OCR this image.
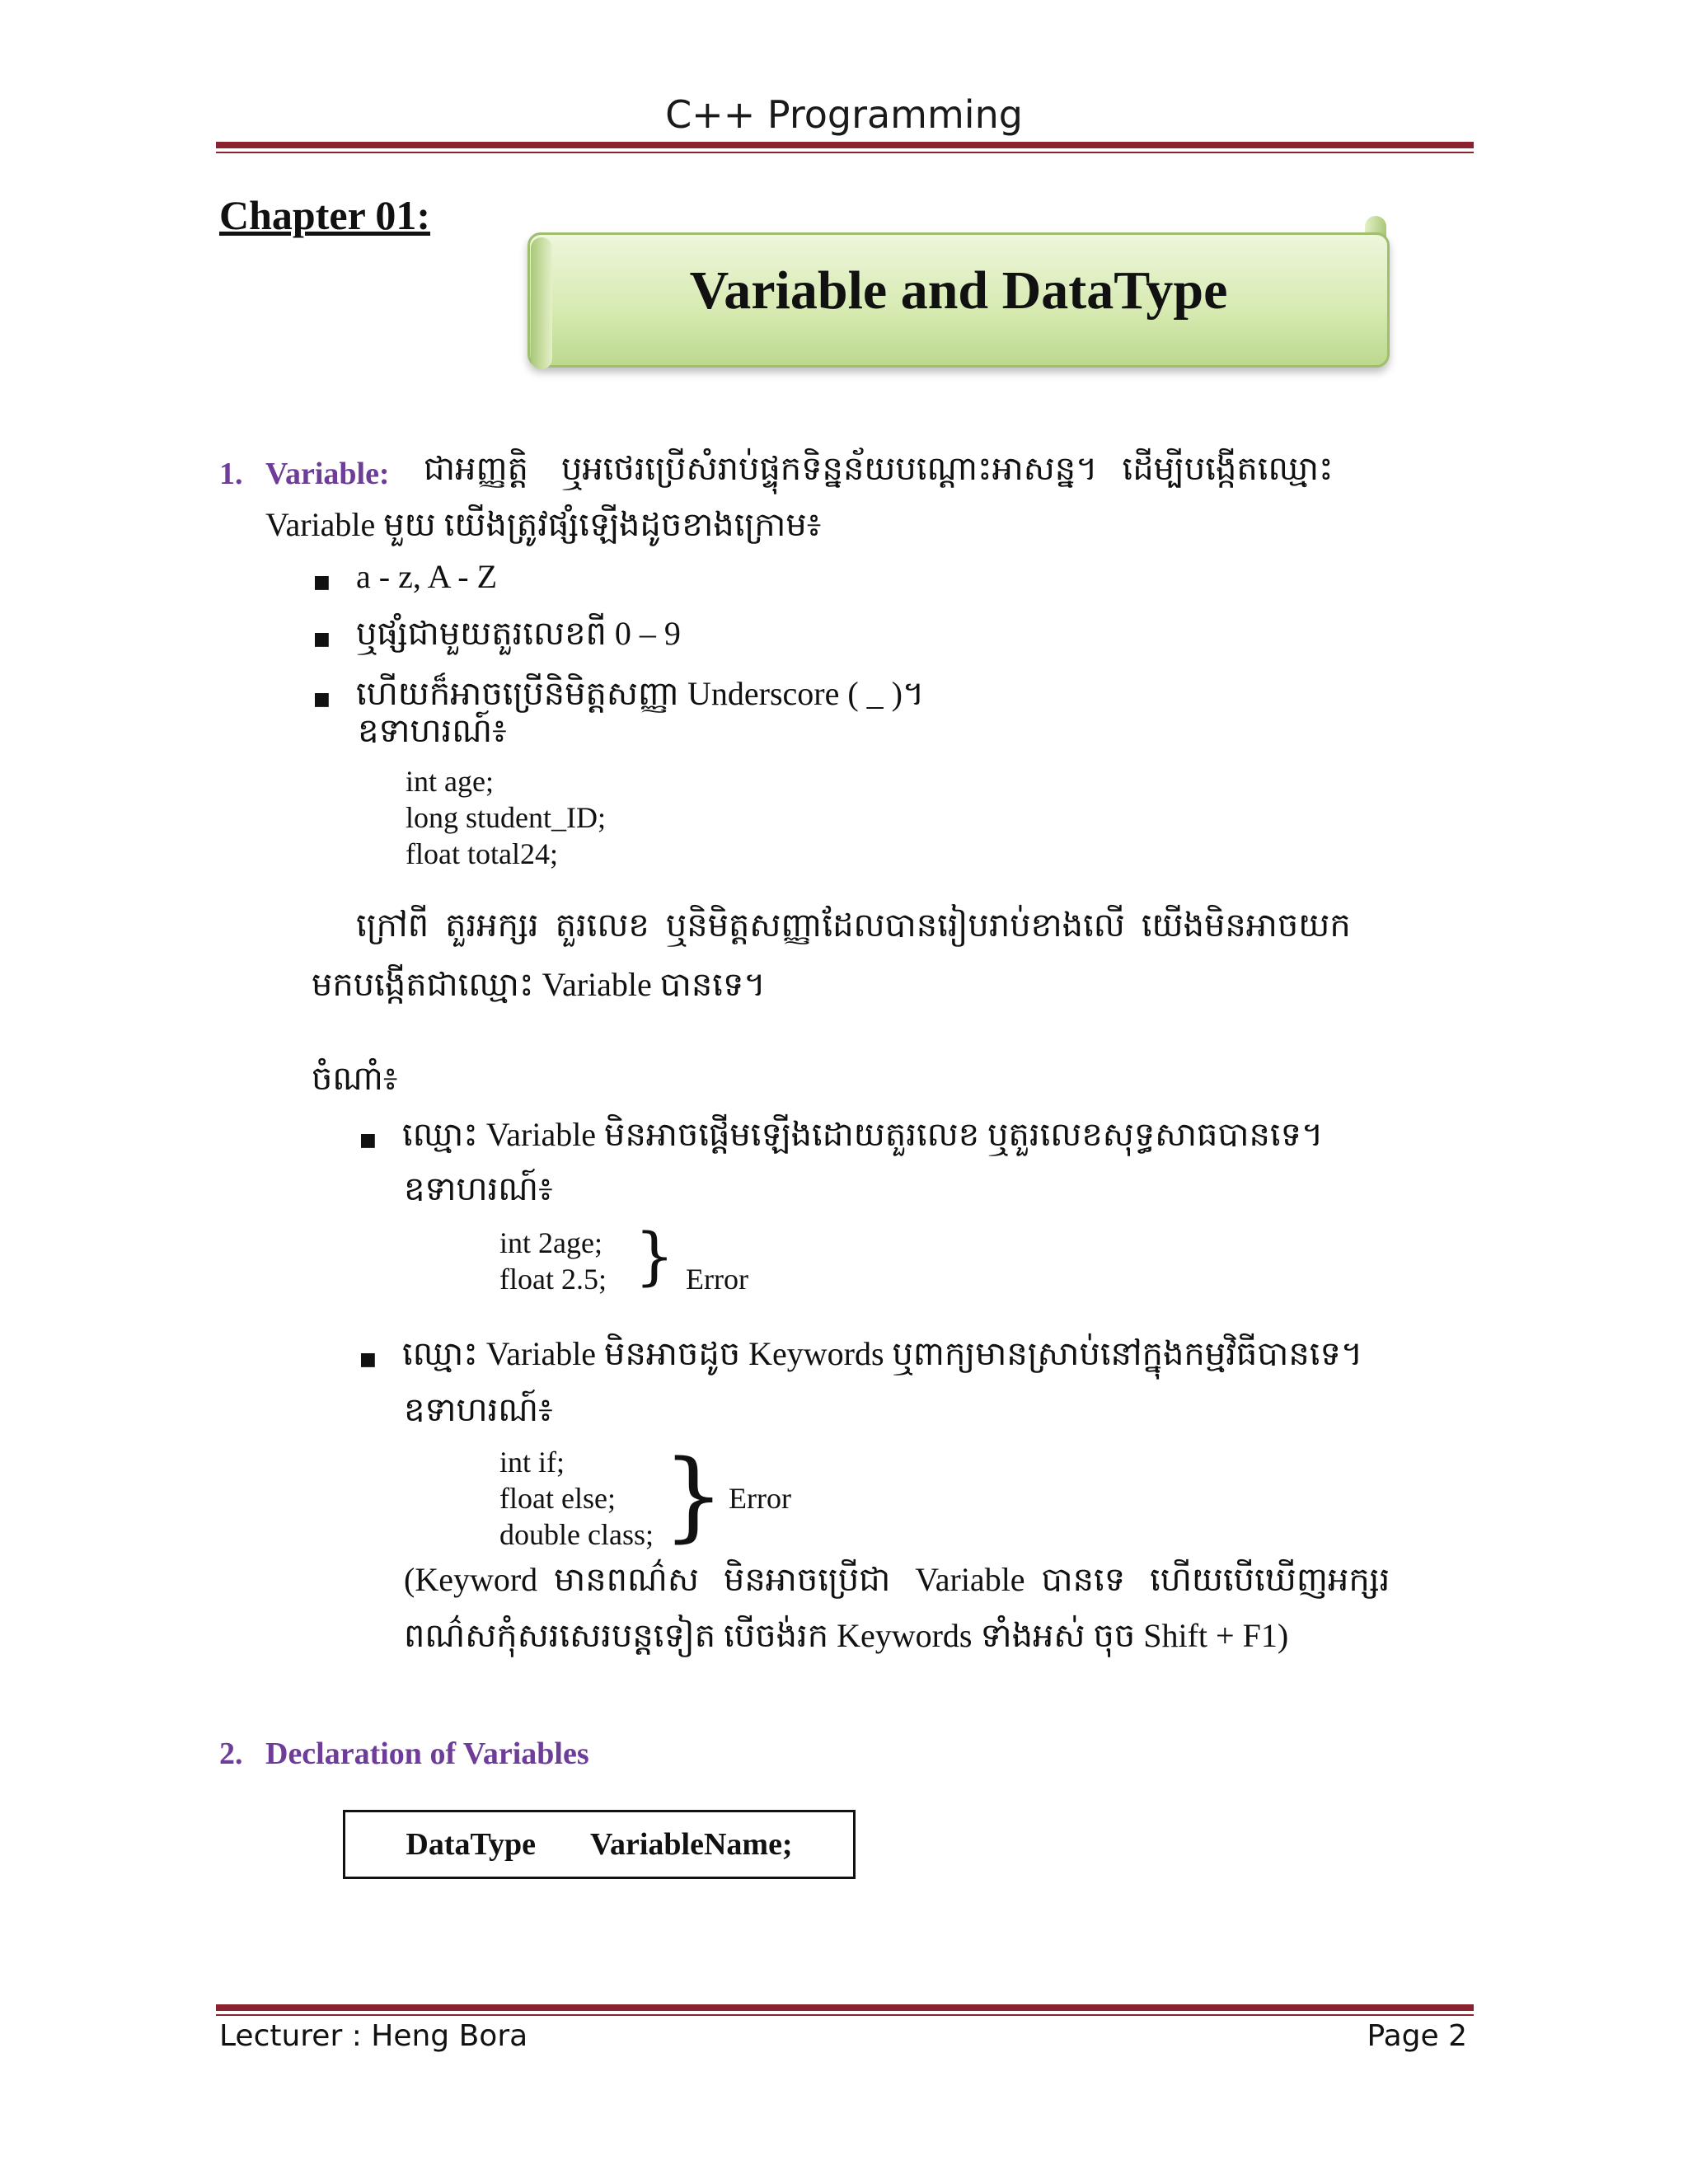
C++ Programming
Chapter 01:
Variable and DataType
1. Variable: ជាអញ្ញត្តិ    ឬអថេរប្រើសំរាប់ផ្ទុកទិន្នន័យបណ្ដោះអាសន្ន។   ដើម្បីបង្កើតឈ្មោះ
Variable មួយ យើងត្រូវផ្សំឡើងដូចខាងក្រោម៖
■ a - z, A - Z
■ ឬផ្សំជាមួយតួរលេខពី 0 – 9
■ ហើយក៏អាចប្រើនិមិត្តសញ្ញា Underscore ( _ )។
ឧទាហរណ៍៖
int age;
long student_ID;
float total24;
ក្រៅពី  តួរអក្សរ  តួរលេខ  ឬនិមិត្តសញ្ញាដែលបានរៀបរាប់ខាងលើ  យើងមិនអាចយក
មកបង្កើតជាឈ្មោះ Variable បានទេ។
ចំណាំ៖
■ ឈ្មោះ Variable មិនអាចផ្ដើមឡើងដោយតួរលេខ ឬតួរលេខសុទ្ធសាធបានទេ។
ឧទាហរណ៍៖
int 2age;
float 2.5; } Error
■ ឈ្មោះ Variable មិនអាចដូច Keywords ឬពាក្យមានស្រាប់នៅក្នុងកម្មវិធីបានទេ។
ឧទាហរណ៍៖
int if;
float else;
double class; } Error
(Keyword  មានពណ៌ស   មិនអាចប្រើជា   Variable  បានទេ   ហើយបើឃើញអក្សរ
ពណ៌សកុំសរសេរបន្តទៀត បើចង់រក Keywords ទាំងអស់ ចុច Shift + F1)
2. Declaration of Variables
DataType VariableName;
Lecturer : Heng Bora	Page 2
